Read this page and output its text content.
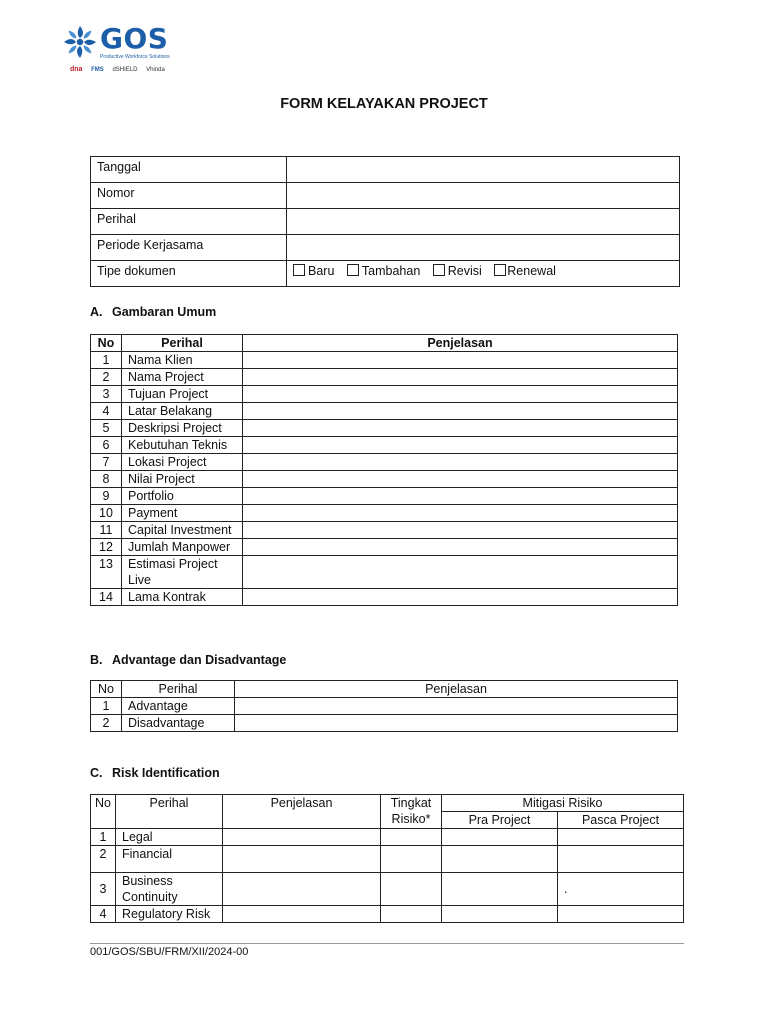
GOS
Productive Workforce Solutions
dna FMS dSHIELD Vhinda
FORM KELAYAKAN PROJECT
Tanggal	
Nomor	
Perihal	
Periode Kerjasama	
Tipe dokumen	Baru Tambahan Revisi Renewal
A. Gambaran Umum
No	Perihal	Penjelasan
1	Nama Klien	
2	Nama Project	
3	Tujuan Project	
4	Latar Belakang	
5	Deskripsi Project	
6	Kebutuhan Teknis	
7	Lokasi Project	
8	Nilai Project	
9	Portfolio	
10	Payment	
11	Capital Investment	
12	Jumlah Manpower	
13	Estimasi Project Live	
14	Lama Kontrak	
B. Advantage dan Disadvantage
No	Perihal	Penjelasan
1	Advantage	
2	Disadvantage	
C. Risk Identification
No	Perihal	Penjelasan	Tingkat Risiko*	Mitigasi Risiko	
				Pra Project	Pasca Project
1	Legal				
2	Financial				
3	Business Continuity				.
4	Regulatory Risk				
001/GOS/SBU/FRM/XII/2024-00
